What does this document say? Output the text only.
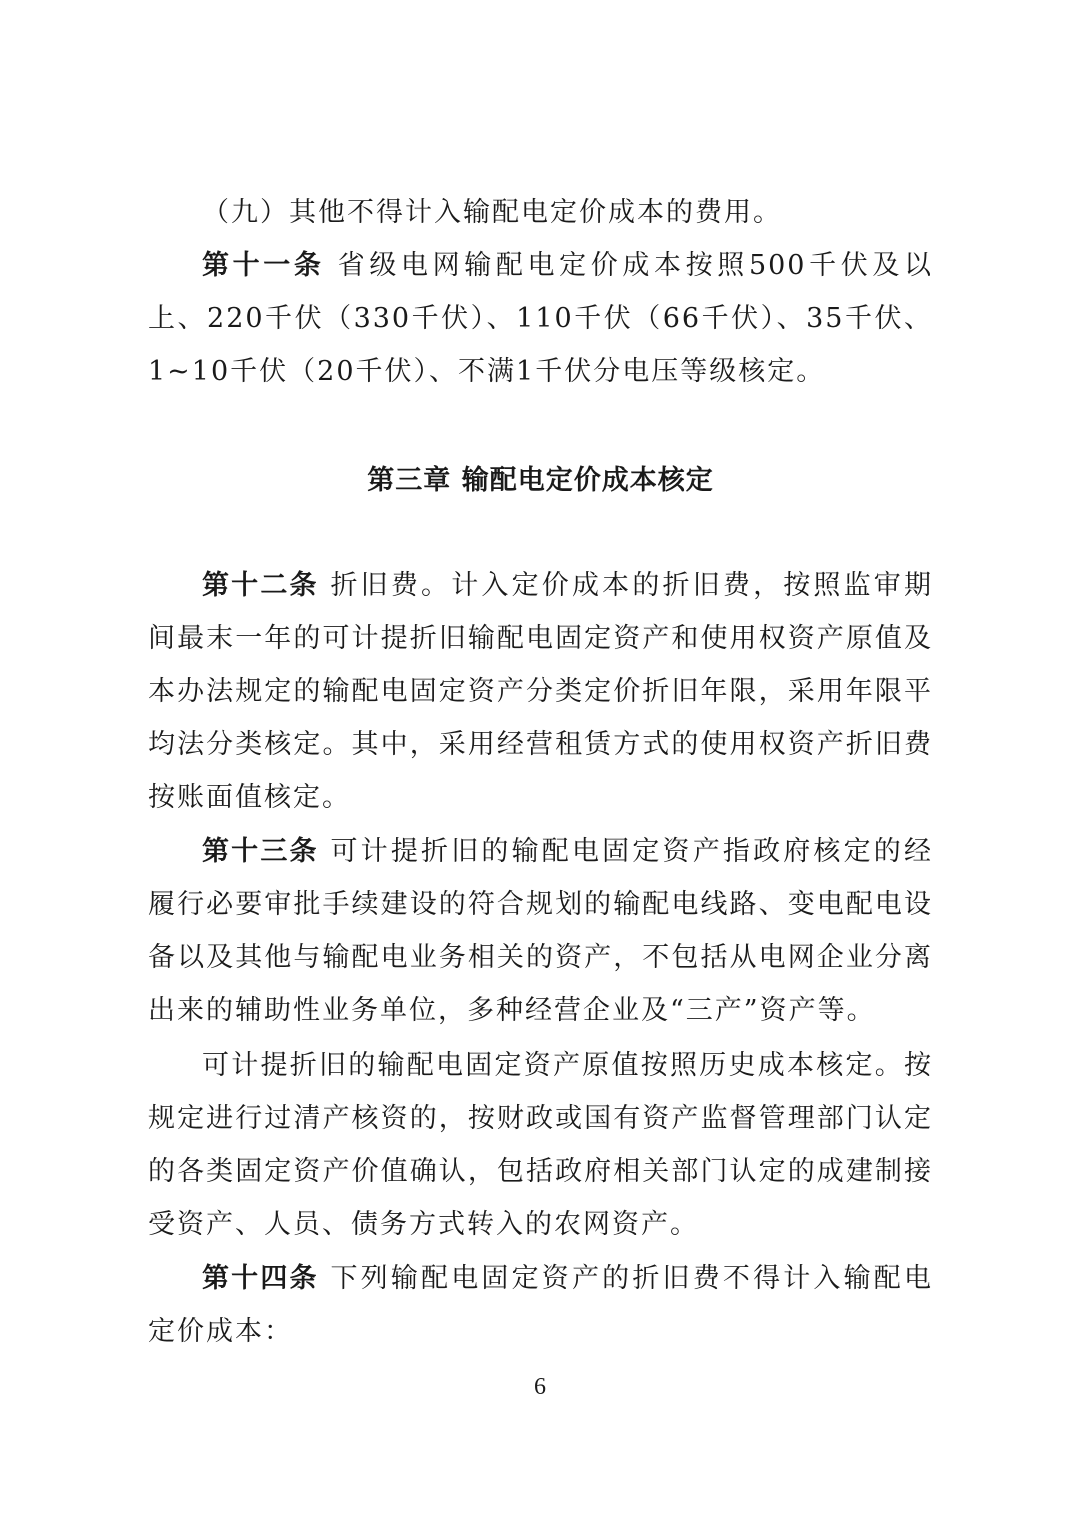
（九）其他不得计入输配电定价成本的费用。
第十一条 省级电网输配电定价成本按照500千伏及以上、220千伏（330千伏）、110千伏（66千伏）、35千伏、1~10千伏（20千伏）、不满1千伏分电压等级核定。
第三章 输配电定价成本核定
第十二条 折旧费。计入定价成本的折旧费，按照监审期间最末一年的可计提折旧输配电固定资产和使用权资产原值及本办法规定的输配电固定资产分类定价折旧年限，采用年限平均法分类核定。其中，采用经营租赁方式的使用权资产折旧费按账面值核定。
第十三条 可计提折旧的输配电固定资产指政府核定的经履行必要审批手续建设的符合规划的输配电线路、变电配电设备以及其他与输配电业务相关的资产，不包括从电网企业分离出来的辅助性业务单位，多种经营企业及“三产”资产等。
可计提折旧的输配电固定资产原值按照历史成本核定。按规定进行过清产核资的，按财政或国有资产监督管理部门认定的各类固定资产价值确认，包括政府相关部门认定的成建制接受资产、人员、债务方式转入的农网资产。
第十四条 下列输配电固定资产的折旧费不得计入输配电定价成本：
6
